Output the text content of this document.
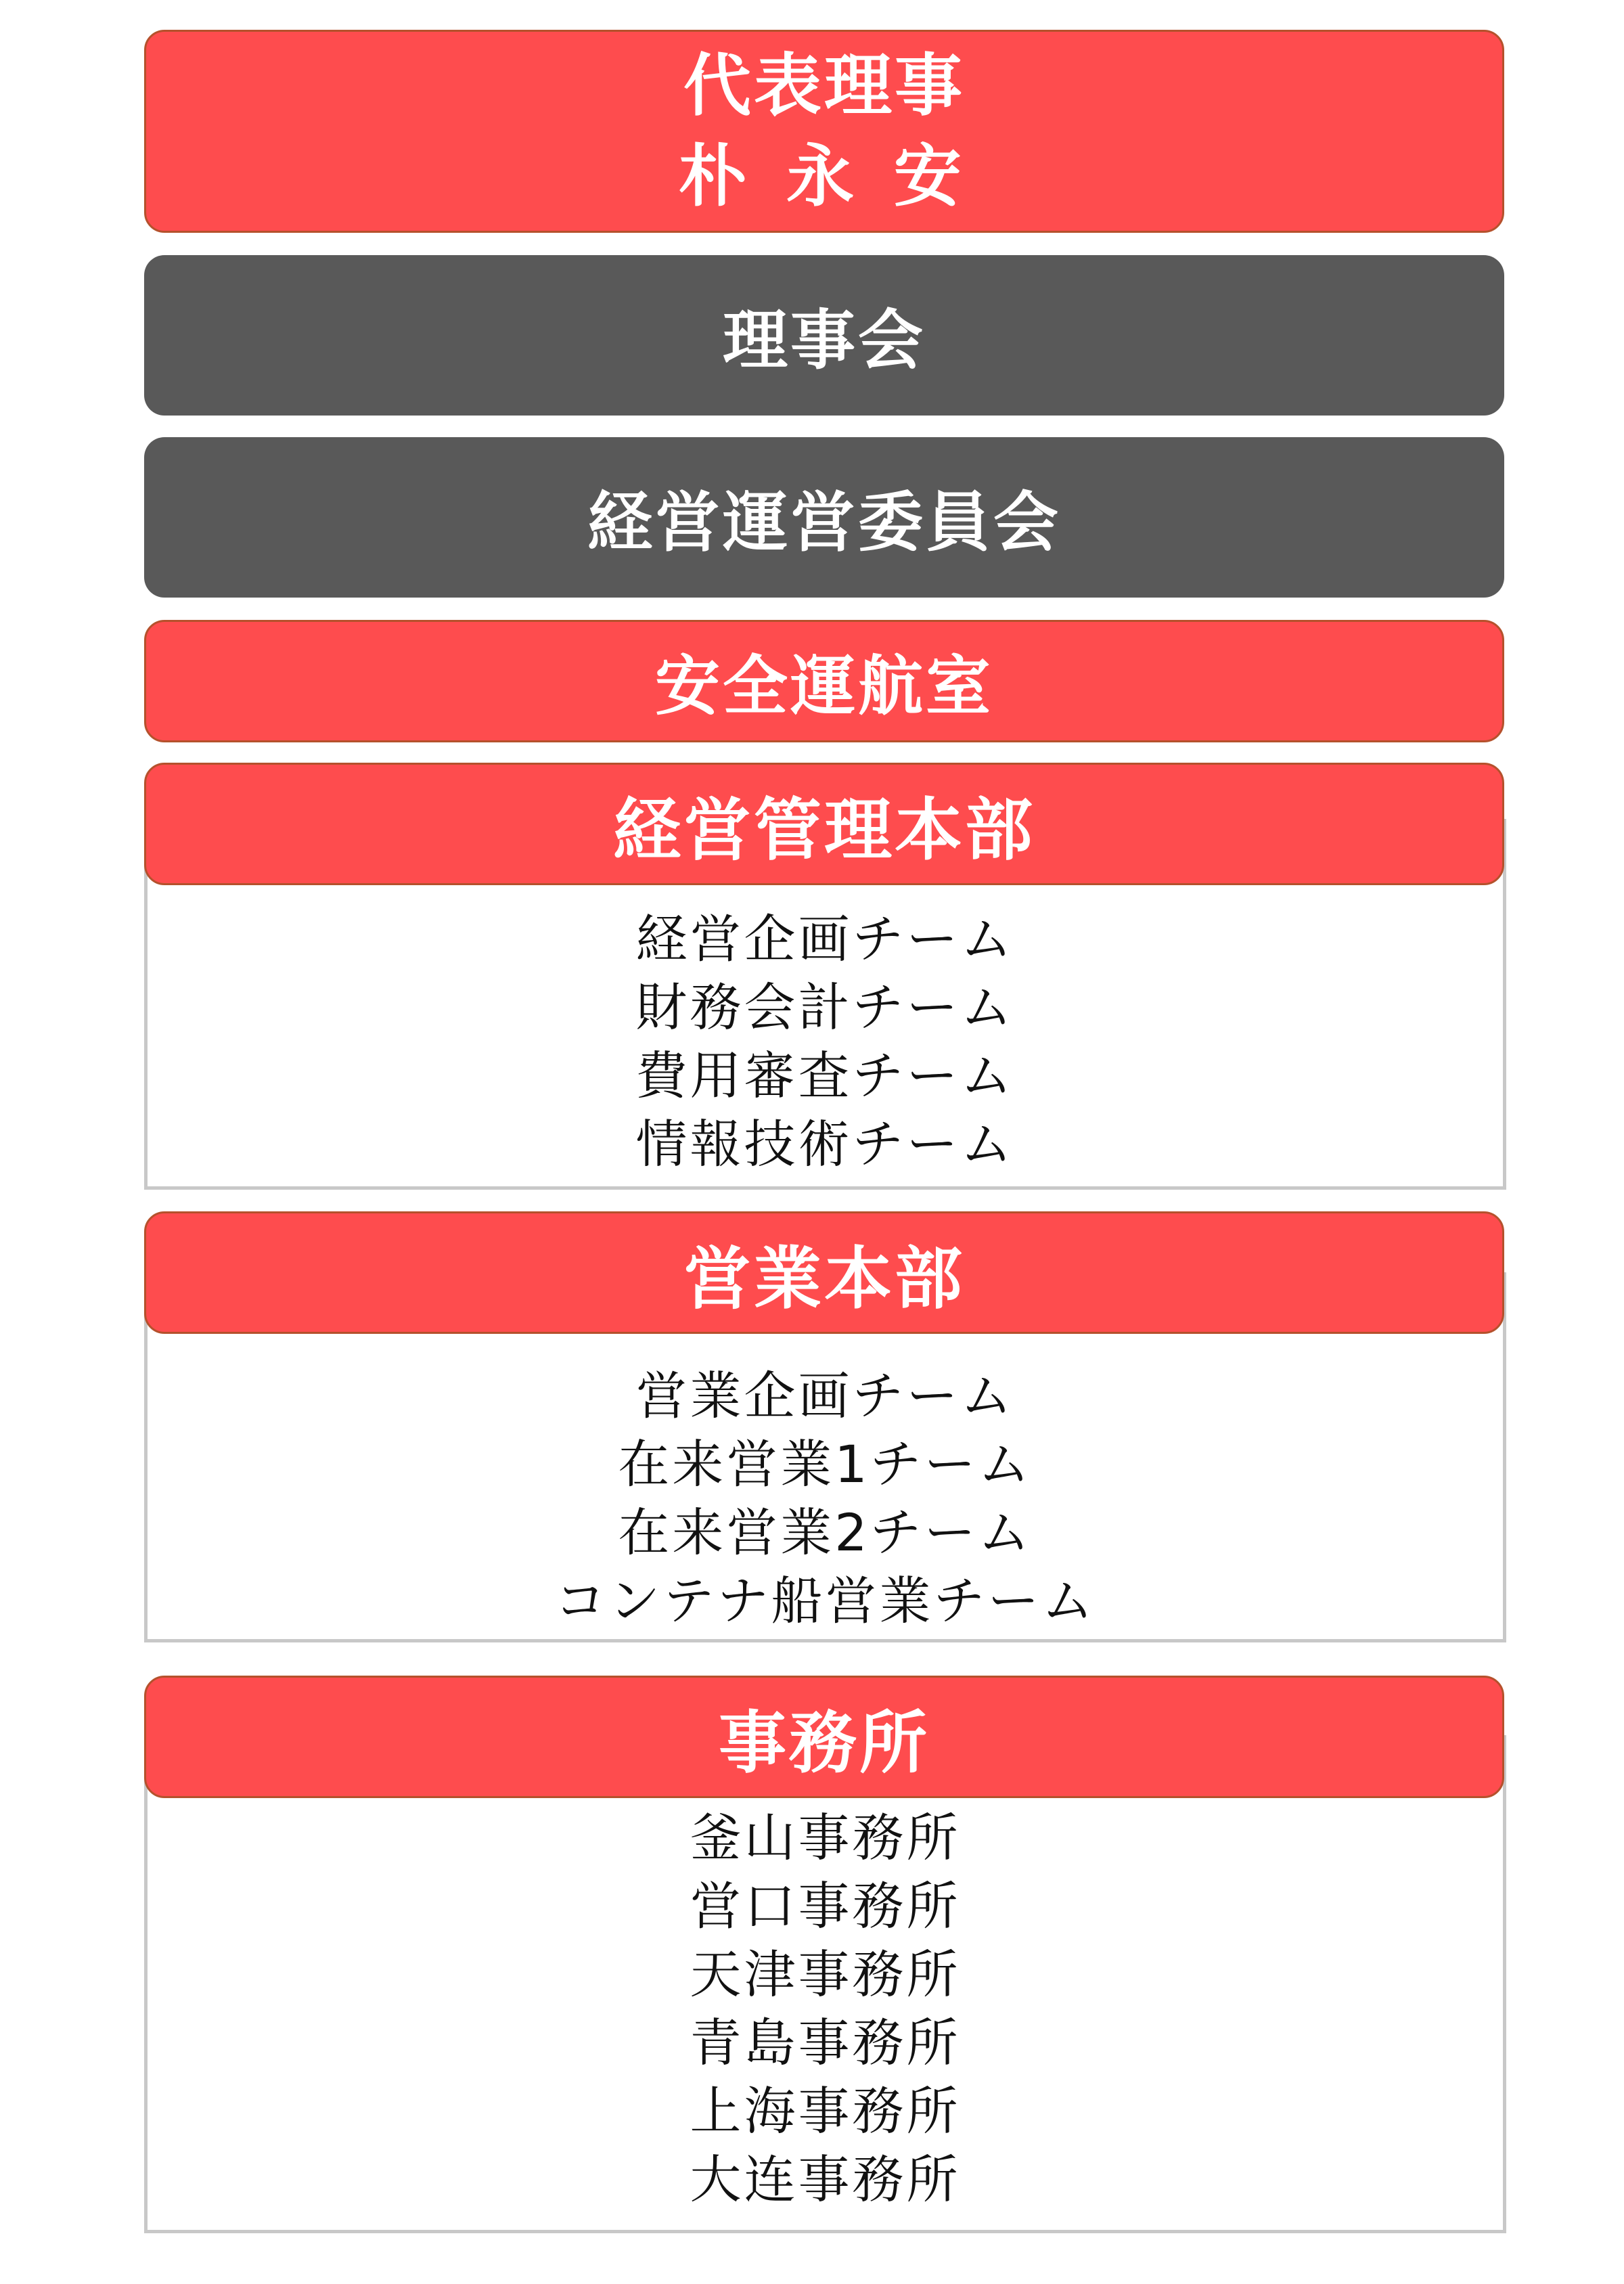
代表理事
朴 永 安
理事会
経営運営委員会
安全運航室
経営管理本部
経営企画チーム
財務会計チーム
費用審査チーム
情報技術チーム
営業本部
営業企画チーム
在来営業1チーム
在来営業2チーム
コンテナ船営業チーム
事務所
釜山事務所
営口事務所
天津事務所
青島事務所
上海事務所
大连事務所
